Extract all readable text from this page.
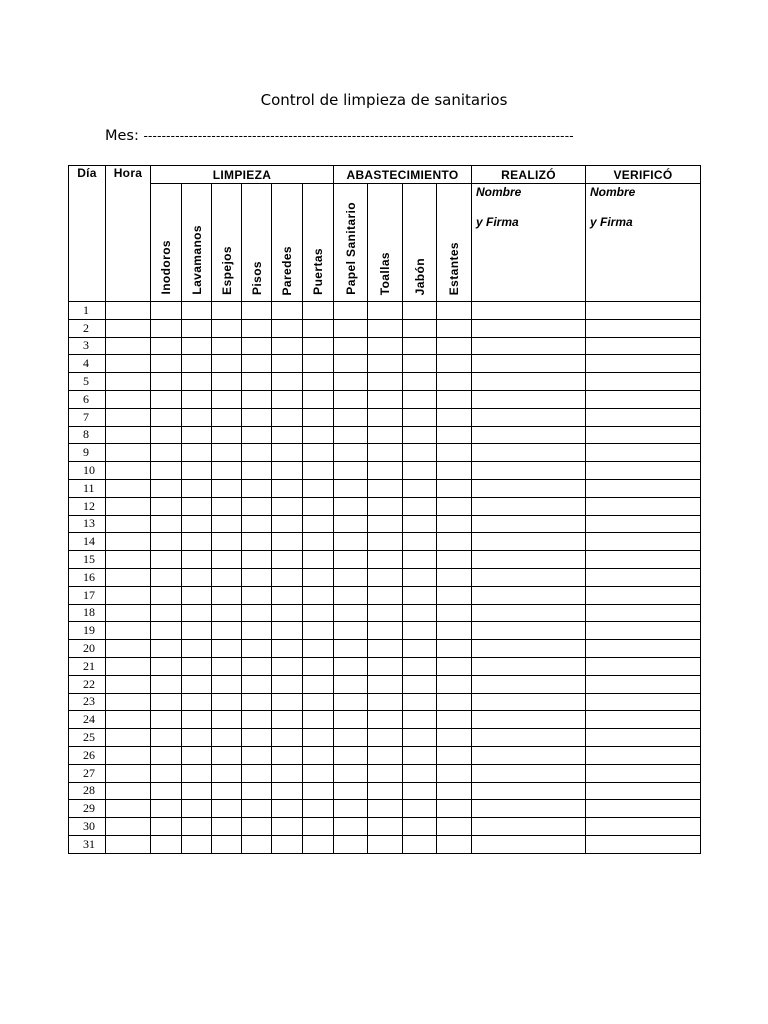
Control de limpieza de sanitarios
Mes: -----------------------------------------------------------------------------------------------
Día	Hora	LIMPIEZA						ABASTECIMIENTO				REALIZÓ	VERIFICÓ

		Inodoros	Lavamanos	Espejos	Pisos	Paredes	Puertas	Papel Sanitario	Toallas	Jabón	Estantes	Nombre
y Firma	Nombre
y Firma

1													
2													
3													
4													
5													
6													
7													
8													
9													
10													
11													
12													
13													
14													
15													
16													
17													
18													
19													
20													
21													
22													
23													
24													
25													
26													
27													
28													
29													
30													
31													
